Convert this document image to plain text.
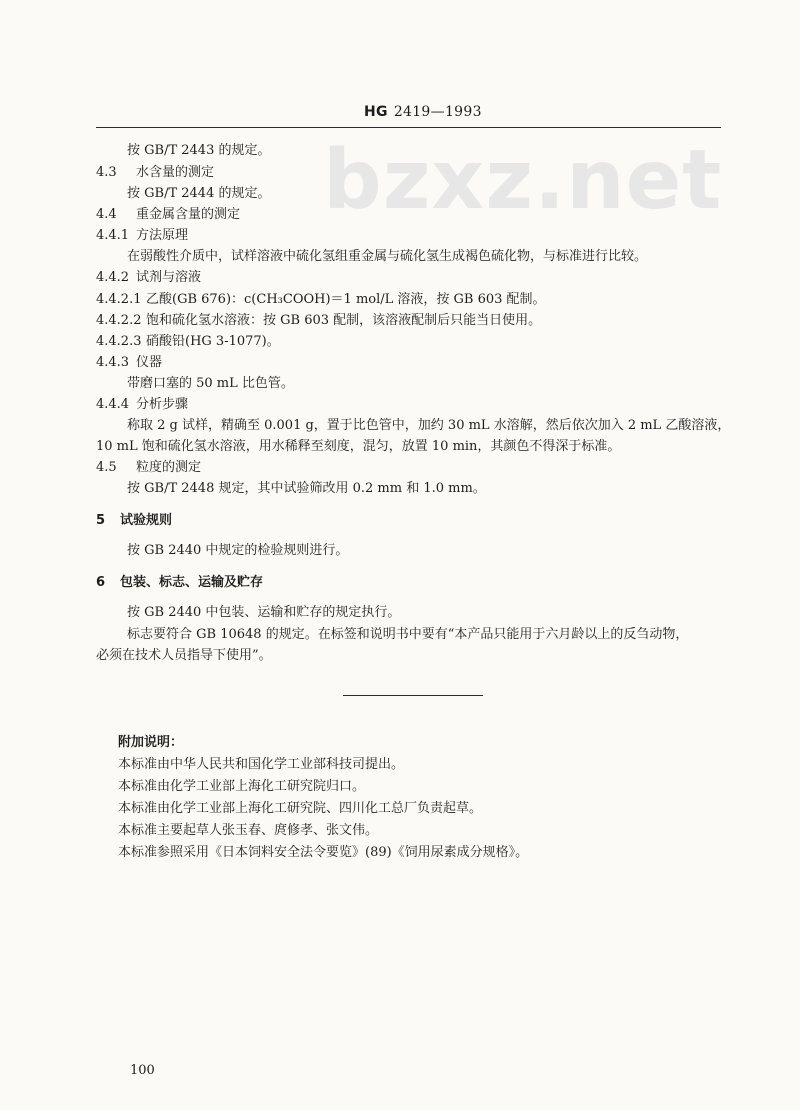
HG 2419—1993
bzxz.net
按 GB/T 2443 的规定。
4.3 水含量的测定
按 GB/T 2444 的规定。
4.4 重金属含量的测定
4.4.1 方法原理
在弱酸性介质中，试样溶液中硫化氢组重金属与硫化氢生成褐色硫化物，与标准进行比较。
4.4.2 试剂与溶液
4.4.2.1 乙酸(GB 676)：c(CH₃COOH)＝1 mol/L 溶液，按 GB 603 配制。
4.4.2.2 饱和硫化氢水溶液：按 GB 603 配制，该溶液配制后只能当日使用。
4.4.2.3 硝酸铅(HG 3-1077)。
4.4.3 仪器
带磨口塞的 50 mL 比色管。
4.4.4 分析步骤
称取 2 g 试样，精确至 0.001 g，置于比色管中，加约 30 mL 水溶解，然后依次加入 2 mL 乙酸溶液，
10 mL 饱和硫化氢水溶液，用水稀释至刻度，混匀，放置 10 min，其颜色不得深于标准。
4.5 粒度的测定
按 GB/T 2448 规定，其中试验筛改用 0.2 mm 和 1.0 mm。
5 试验规则
按 GB 2440 中规定的检验规则进行。
6 包装、标志、运输及贮存
按 GB 2440 中包装、运输和贮存的规定执行。
标志要符合 GB 10648 的规定。在标签和说明书中要有“本产品只能用于六月龄以上的反刍动物，
必须在技术人员指导下使用”。
附加说明：
本标准由中华人民共和国化学工业部科技司提出。
本标准由化学工业部上海化工研究院归口。
本标准由化学工业部上海化工研究院、四川化工总厂负责起草。
本标准主要起草人张玉春、庹修孝、张文伟。
本标准参照采用《日本饲料安全法令要览》(89)《饲用尿素成分规格》。
100
